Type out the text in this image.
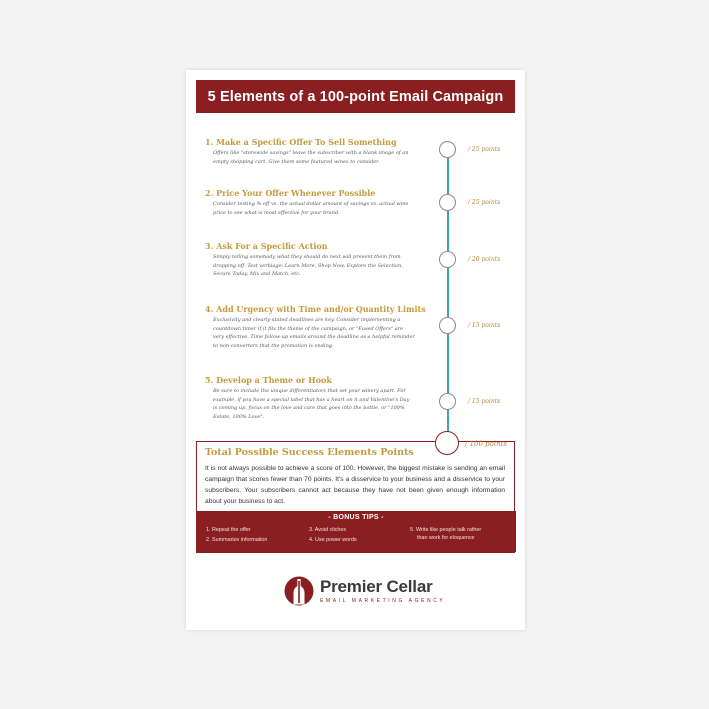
5 Elements of a 100-point Email Campaign
1. Make a Specific Offer To Sell Something

Offers like "storewide savings" leave the subscriber with a blank image of an empty shopping cart. Give them some featured wines to consider.

2. Price Your Offer Whenever Possible

Consider testing % off vs. the actual dollar amount of savings vs. actual wine price to see what is most effective for your brand.

3. Ask For a Specific Action

Simply telling somebody what they should do next will prevent them from dropping off. Test verbiage: Learn More, Shop Now, Explore the Selection, Secure Today, Mix and Match, etc.

4. Add Urgency with Time and/or Quantity Limits

Exclusivity and clearly-stated deadlines are key. Consider implementing a countdown timer if it fits the theme of the campaign, or "Fused Offers" are very effective. Time follow-up emails around the deadline as a helpful reminder to non-converters that the promotion is ending.

5. Develop a Theme or Hook

Be sure to include the unique differentiators that set your winery apart. For example, if you have a special label that has a heart on it and Valentine's Day is coming up, focus on the love and care that goes into the bottle, or "100% Estate, 100% Love".

/ 25 points
/ 25 points
/ 20 points
/ 15 points
/ 15 points
Total Possible Success Elements Points

It is not always possible to achieve a score of 100. However, the biggest mistake is sending an email campaign that scores fewer than 70 points. It's a disservice to your business and a disservice to your subscribers. Your subscribers cannot act because they have not been given enough information about your business to act.

/ 100 points
- BONUS TIPS -
1. Repeat the offer
2. Summarize information
3. Avoid cliches
4. Use power words
5. Write like people talk rather
than work for eloquence
Premier Cellar
EMAIL MARKETING AGENCY
